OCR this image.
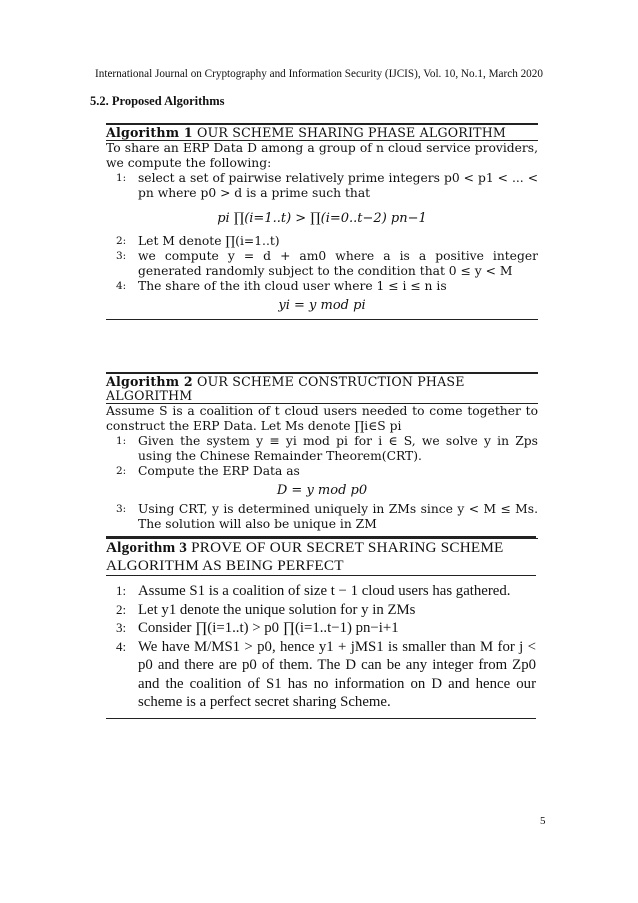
International Journal on Cryptography and Information Security (IJCIS), Vol. 10, No.1, March 2020
5.2. Proposed Algorithms
Algorithm 1 OUR SCHEME SHARING PHASE ALGORITHM

To share an ERP Data D among a group of n cloud service providers, we compute the following:

1: select a set of pairwise relatively prime integers p0 < p1 < ... < pn where p0 > d is a prime such that

pi ∏(i=1..t) > ∏(i=0..t−2) pn−1

2: Let M denote ∏(i=1..t)

3: we compute y = d + am0 where a is a positive integer generated randomly subject to the condition that 0 ≤ y < M

4: The share of the ith cloud user where 1 ≤ i ≤ n is

yi = y mod pi
Algorithm 2 OUR SCHEME CONSTRUCTION PHASE ALGORITHM

Assume S is a coalition of t cloud users needed to come together to construct the ERP Data. Let Ms denote ∏i∈S pi

1: Given the system y ≡ yi mod pi for i ∈ S, we solve y in Zps using the Chinese Remainder Theorem(CRT).

2: Compute the ERP Data as

D = y mod p0

3: Using CRT, y is determined uniquely in ZMs since y < M ≤ Ms. The solution will also be unique in ZM

Algorithm 3 PROVE OF OUR SECRET SHARING SCHEME ALGORITHM AS BEING PERFECT

1: Assume S1 is a coalition of size t − 1 cloud users has gathered.

2: Let y1 denote the unique solution for y in ZMs

3: Consider ∏(i=1..t) > p0 ∏(i=1..t−1) pn−i+1

4: We have M/MS1 > p0, hence y1 + jMS1 is smaller than M for j < p0 and there are p0 of them. The D can be any integer from Zp0 and the coalition of S1 has no information on D and hence our scheme is a perfect secret sharing Scheme.

5
